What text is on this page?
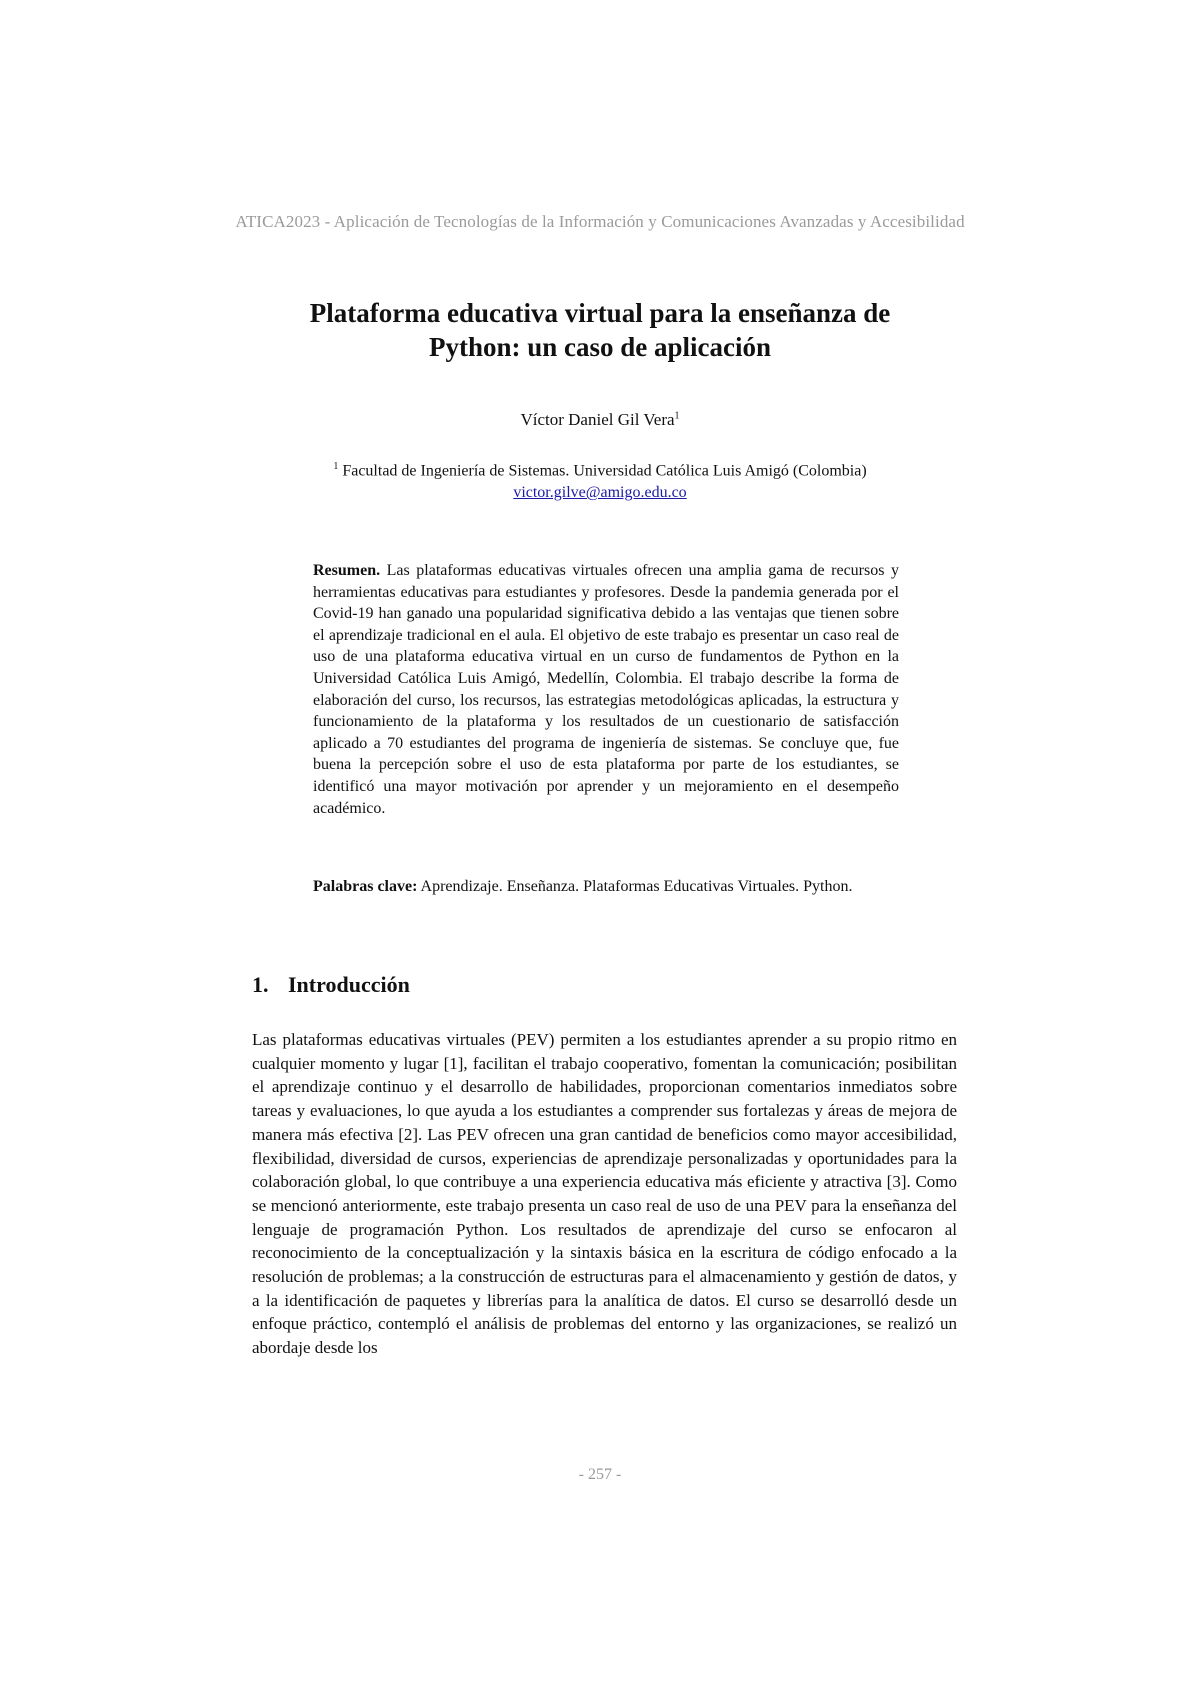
ATICA2023 - Aplicación de Tecnologías de la Información y Comunicaciones Avanzadas y Accesibilidad
Plataforma educativa virtual para la enseñanza de
Python: un caso de aplicación
Víctor Daniel Gil Vera$^1$
$^1$ Facultad de Ingeniería de Sistemas. Universidad Católica Luis Amigó (Colombia)
victor.gilve@amigo.edu.co
Resumen. Las plataformas educativas virtuales ofrecen una amplia gama de recursos y herramientas educativas para estudiantes y profesores. Desde la pandemia generada por el Covid-19 han ganado una popularidad significativa debido a las ventajas que tienen sobre el aprendizaje tradicional en el aula. El objetivo de este trabajo es presentar un caso real de uso de una plataforma educativa virtual en un curso de fundamentos de Python en la Universidad Católica Luis Amigó, Medellín, Colombia. El trabajo describe la forma de elaboración del curso, los recursos, las estrategias metodológicas aplicadas, la estructura y funcionamiento de la plataforma y los resultados de un cuestionario de satisfacción aplicado a 70 estudiantes del programa de ingeniería de sistemas. Se concluye que, fue buena la percepción sobre el uso de esta plataforma por parte de los estudiantes, se identificó una mayor motivación por aprender y un mejoramiento en el desempeño académico.
Palabras clave: Aprendizaje. Enseñanza. Plataformas Educativas Virtuales. Python.
1. Introducción
Las plataformas educativas virtuales (PEV) permiten a los estudiantes aprender a su propio ritmo en cualquier momento y lugar [1], facilitan el trabajo cooperativo, fomentan la comunicación; posibilitan el aprendizaje continuo y el desarrollo de habilidades, proporcionan comentarios inmediatos sobre tareas y evaluaciones, lo que ayuda a los estudiantes a comprender sus fortalezas y áreas de mejora de manera más efectiva [2]. Las PEV ofrecen una gran cantidad de beneficios como mayor accesibilidad, flexibilidad, diversidad de cursos, experiencias de aprendizaje personalizadas y oportunidades para la colaboración global, lo que contribuye a una experiencia educativa más eficiente y atractiva [3]. Como se mencionó anteriormente, este trabajo presenta un caso real de uso de una PEV para la enseñanza del lenguaje de programación Python. Los resultados de aprendizaje del curso se enfocaron al reconocimiento de la conceptualización y la sintaxis básica en la escritura de código enfocado a la resolución de problemas; a la construcción de estructuras para el almacenamiento y gestión de datos, y a la identificación de paquetes y librerías para la analítica de datos. El curso se desarrolló desde un enfoque práctico, contempló el análisis de problemas del entorno y las organizaciones, se realizó un abordaje desde los
- 257 -
